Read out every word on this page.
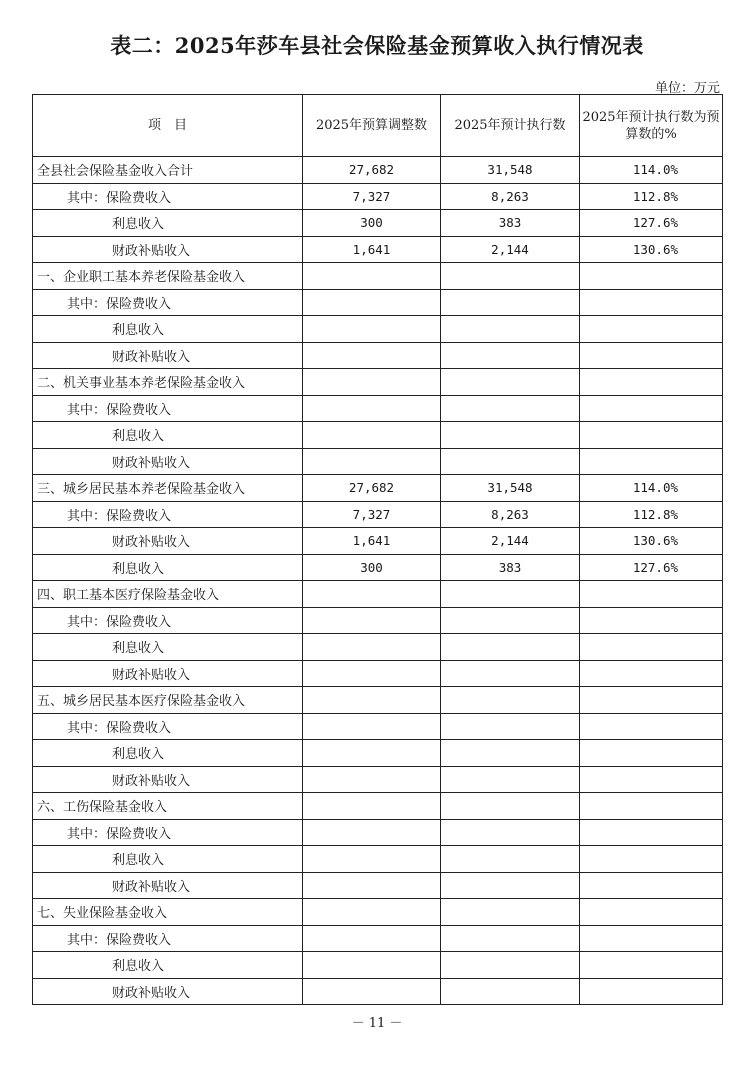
表二：2025年莎车县社会保险基金预算收入执行情况表
单位：万元
项　目	2025年预算调整数	2025年预计执行数	2025年预计执行数为预算数的%
全县社会保险基金收入合计	27,682	31,548	114.0%
其中：保险费收入	7,327	8,263	112.8%
利息收入	300	383	127.6%
财政补贴收入	1,641	2,144	130.6%
一、企业职工基本养老保险基金收入			
其中：保险费收入			
利息收入			
财政补贴收入			
二、机关事业基本养老保险基金收入			
其中：保险费收入			
利息收入			
财政补贴收入			
三、城乡居民基本养老保险基金收入	27,682	31,548	114.0%
其中：保险费收入	7,327	8,263	112.8%
财政补贴收入	1,641	2,144	130.6%
利息收入	300	383	127.6%
四、职工基本医疗保险基金收入			
其中：保险费收入			
利息收入			
财政补贴收入			
五、城乡居民基本医疗保险基金收入			
其中：保险费收入			
利息收入			
财政补贴收入			
六、工伤保险基金收入			
其中：保险费收入			
利息收入			
财政补贴收入			
七、失业保险基金收入			
其中：保险费收入			
利息收入			
财政补贴收入			
－ 11 －
